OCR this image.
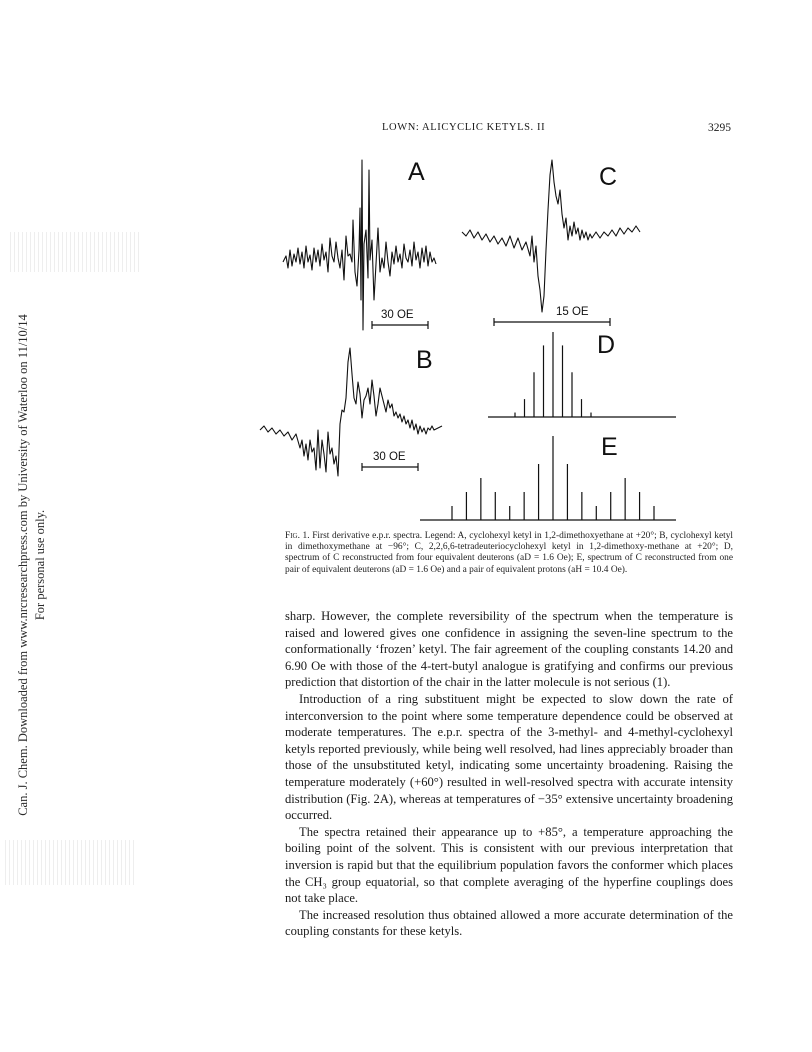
Can. J. Chem. Downloaded from www.nrcresearchpress.com by University of Waterloo on 11/10/14 For personal use only.
LOWN: ALICYCLIC KETYLS. II	3295
A	C
B
D
E
30 OE
30 OE
15 OE
Fig. 1. First derivative e.p.r. spectra. Legend: A, cyclohexyl ketyl in 1,2-dimethoxyethane at +20°; B, cyclohexyl ketyl in dimethoxymethane at −96°; C, 2,2,6,6-tetradeuteriocyclohexyl ketyl in 1,2-dimethoxy-methane at +20°; D, spectrum of C reconstructed from four equivalent deuterons (aD = 1.6 Oe); E, spectrum of C reconstructed from one pair of equivalent deuterons (aD = 1.6 Oe) and a pair of equivalent protons (aH = 10.4 Oe).

sharp. However, the complete reversibility of the spectrum when the temperature is raised and lowered gives one confidence in assigning the seven-line spectrum to the conformationally ‘frozen’ ketyl. The fair agreement of the coupling constants 14.20 and 6.90 Oe with those of the 4-tert-butyl analogue is gratifying and confirms our previous prediction that distortion of the chair in the latter molecule is not serious (1).

Introduction of a ring substituent might be expected to slow down the rate of interconversion to the point where some temperature dependence could be observed at moderate temperatures. The e.p.r. spectra of the 3-methyl- and 4-methyl-cyclohexyl ketyls reported previously, while being well resolved, had lines appreciably broader than those of the unsubstituted ketyl, indicating some uncertainty broadening. Raising the temperature moderately (+60°) resulted in well-resolved spectra with accurate intensity distribution (Fig. 2A), whereas at temperatures of −35° extensive uncertainty broadening occurred.

The spectra retained their appearance up to +85°, a temperature approaching the boiling point of the solvent. This is consistent with our previous interpretation that inversion is rapid but that the equilibrium population favors the conformer which places the CH₃ group equatorial, so that complete averaging of the hyperfine couplings does not take place.

The increased resolution thus obtained allowed a more accurate determination of the coupling constants for these ketyls.
